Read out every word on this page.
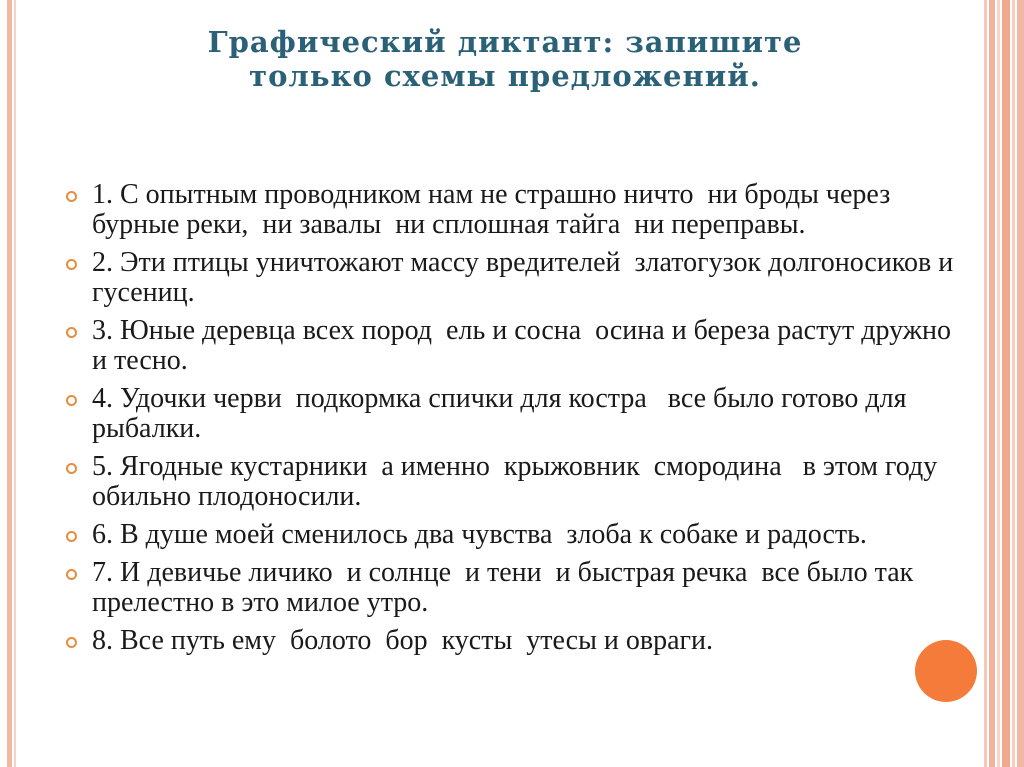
Графический диктант: запишите
только схемы предложений.
1. С опытным проводником нам не страшно ничто  ни броды через бурные реки,  ни завалы  ни сплошная тайга  ни переправы.
2. Эти птицы уничтожают массу вредителей  златогузок долгоносиков и гусениц.
3. Юные деревца всех пород  ель и сосна  осина и береза растут дружно и тесно.
4. Удочки черви  подкормка спички для костра   все было готово для рыбалки.
5. Ягодные кустарники  а именно  крыжовник  смородина   в этом году обильно плодоносили.
6. В душе моей сменилось два чувства  злоба к собаке и радость.
7. И девичье личико  и солнце  и тени  и быстрая речка  все было так прелестно в это милое утро.
8. Все путь ему  болото  бор  кусты  утесы и овраги.
